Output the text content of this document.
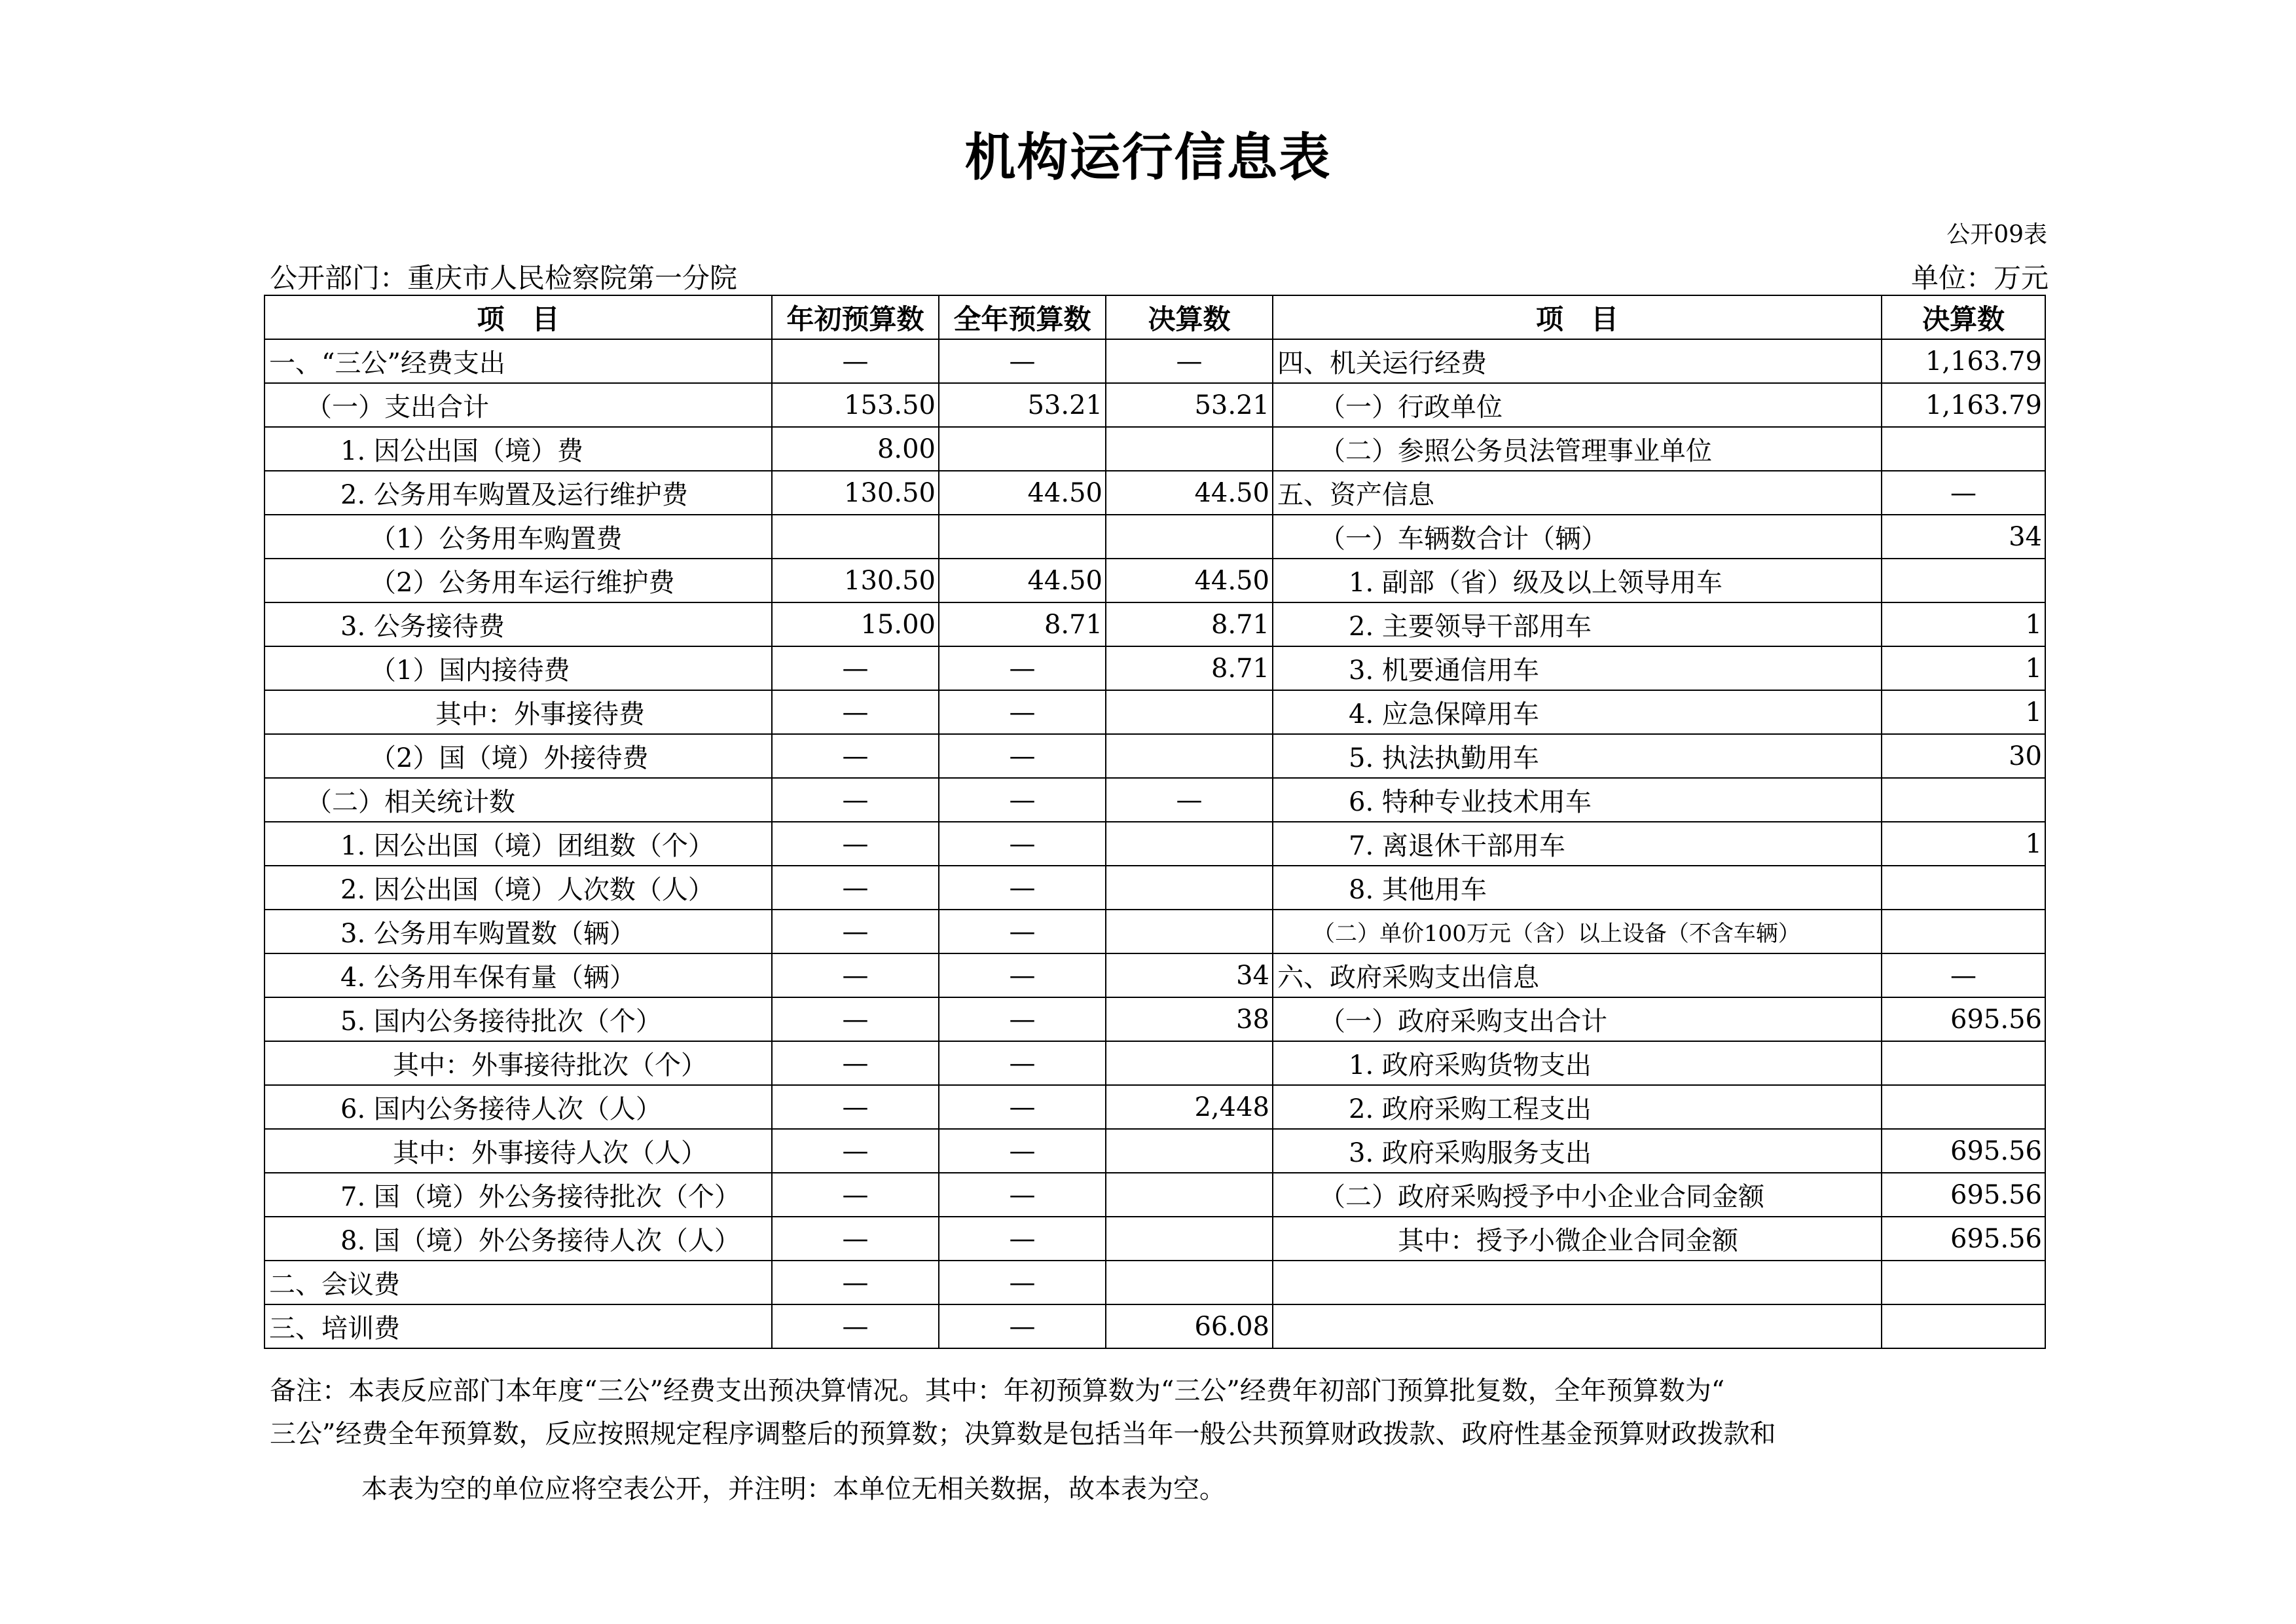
机构运行信息表
公开09表
公开部门：重庆市人民检察院第一分院	单位：万元
项　目	年初预算数	全年预算数	决算数	项　目	决算数
一、“三公”经费支出	—	—	—	四、机关运行经费	1,163.79
（一）支出合计	153.50	53.21	53.21	（一）行政单位	1,163.79
1. 因公出国（境）费	8.00			（二）参照公务员法管理事业单位	
2. 公务用车购置及运行维护费	130.50	44.50	44.50	五、资产信息	—
（1）公务用车购置费				（一）车辆数合计（辆）	34
（2）公务用车运行维护费	130.50	44.50	44.50	1. 副部（省）级及以上领导用车	
3. 公务接待费	15.00	8.71	8.71	2. 主要领导干部用车	1
（1）国内接待费	—	—	8.71	3. 机要通信用车	1
其中：外事接待费	—	—		4. 应急保障用车	1
（2）国（境）外接待费	—	—		5. 执法执勤用车	30
（二）相关统计数	—	—	—	6. 特种专业技术用车	
1. 因公出国（境）团组数（个）	—	—		7. 离退休干部用车	1
2. 因公出国（境）人次数（人）	—	—		8. 其他用车	
3. 公务用车购置数（辆）	—	—		（二）单价100万元（含）以上设备（不含车辆）	
4. 公务用车保有量（辆）	—	—	34	六、政府采购支出信息	—
5. 国内公务接待批次（个）	—	—	38	（一）政府采购支出合计	695.56
其中：外事接待批次（个）	—	—		1. 政府采购货物支出	
6. 国内公务接待人次（人）	—	—	2,448	2. 政府采购工程支出	
其中：外事接待人次（人）	—	—		3. 政府采购服务支出	695.56
7. 国（境）外公务接待批次（个）	—	—		（二）政府采购授予中小企业合同金额	695.56
8. 国（境）外公务接待人次（人）	—	—		其中：授予小微企业合同金额	695.56
二、会议费	—	—			
三、培训费	—	—	66.08		
备注：本表反应部门本年度“三公”经费支出预决算情况。其中：年初预算数为“三公”经费年初部门预算批复数，全年预算数为“
三公”经费全年预算数，反应按照规定程序调整后的预算数；决算数是包括当年一般公共预算财政拨款、政府性基金预算财政拨款和
本表为空的单位应将空表公开，并注明：本单位无相关数据，故本表为空。
